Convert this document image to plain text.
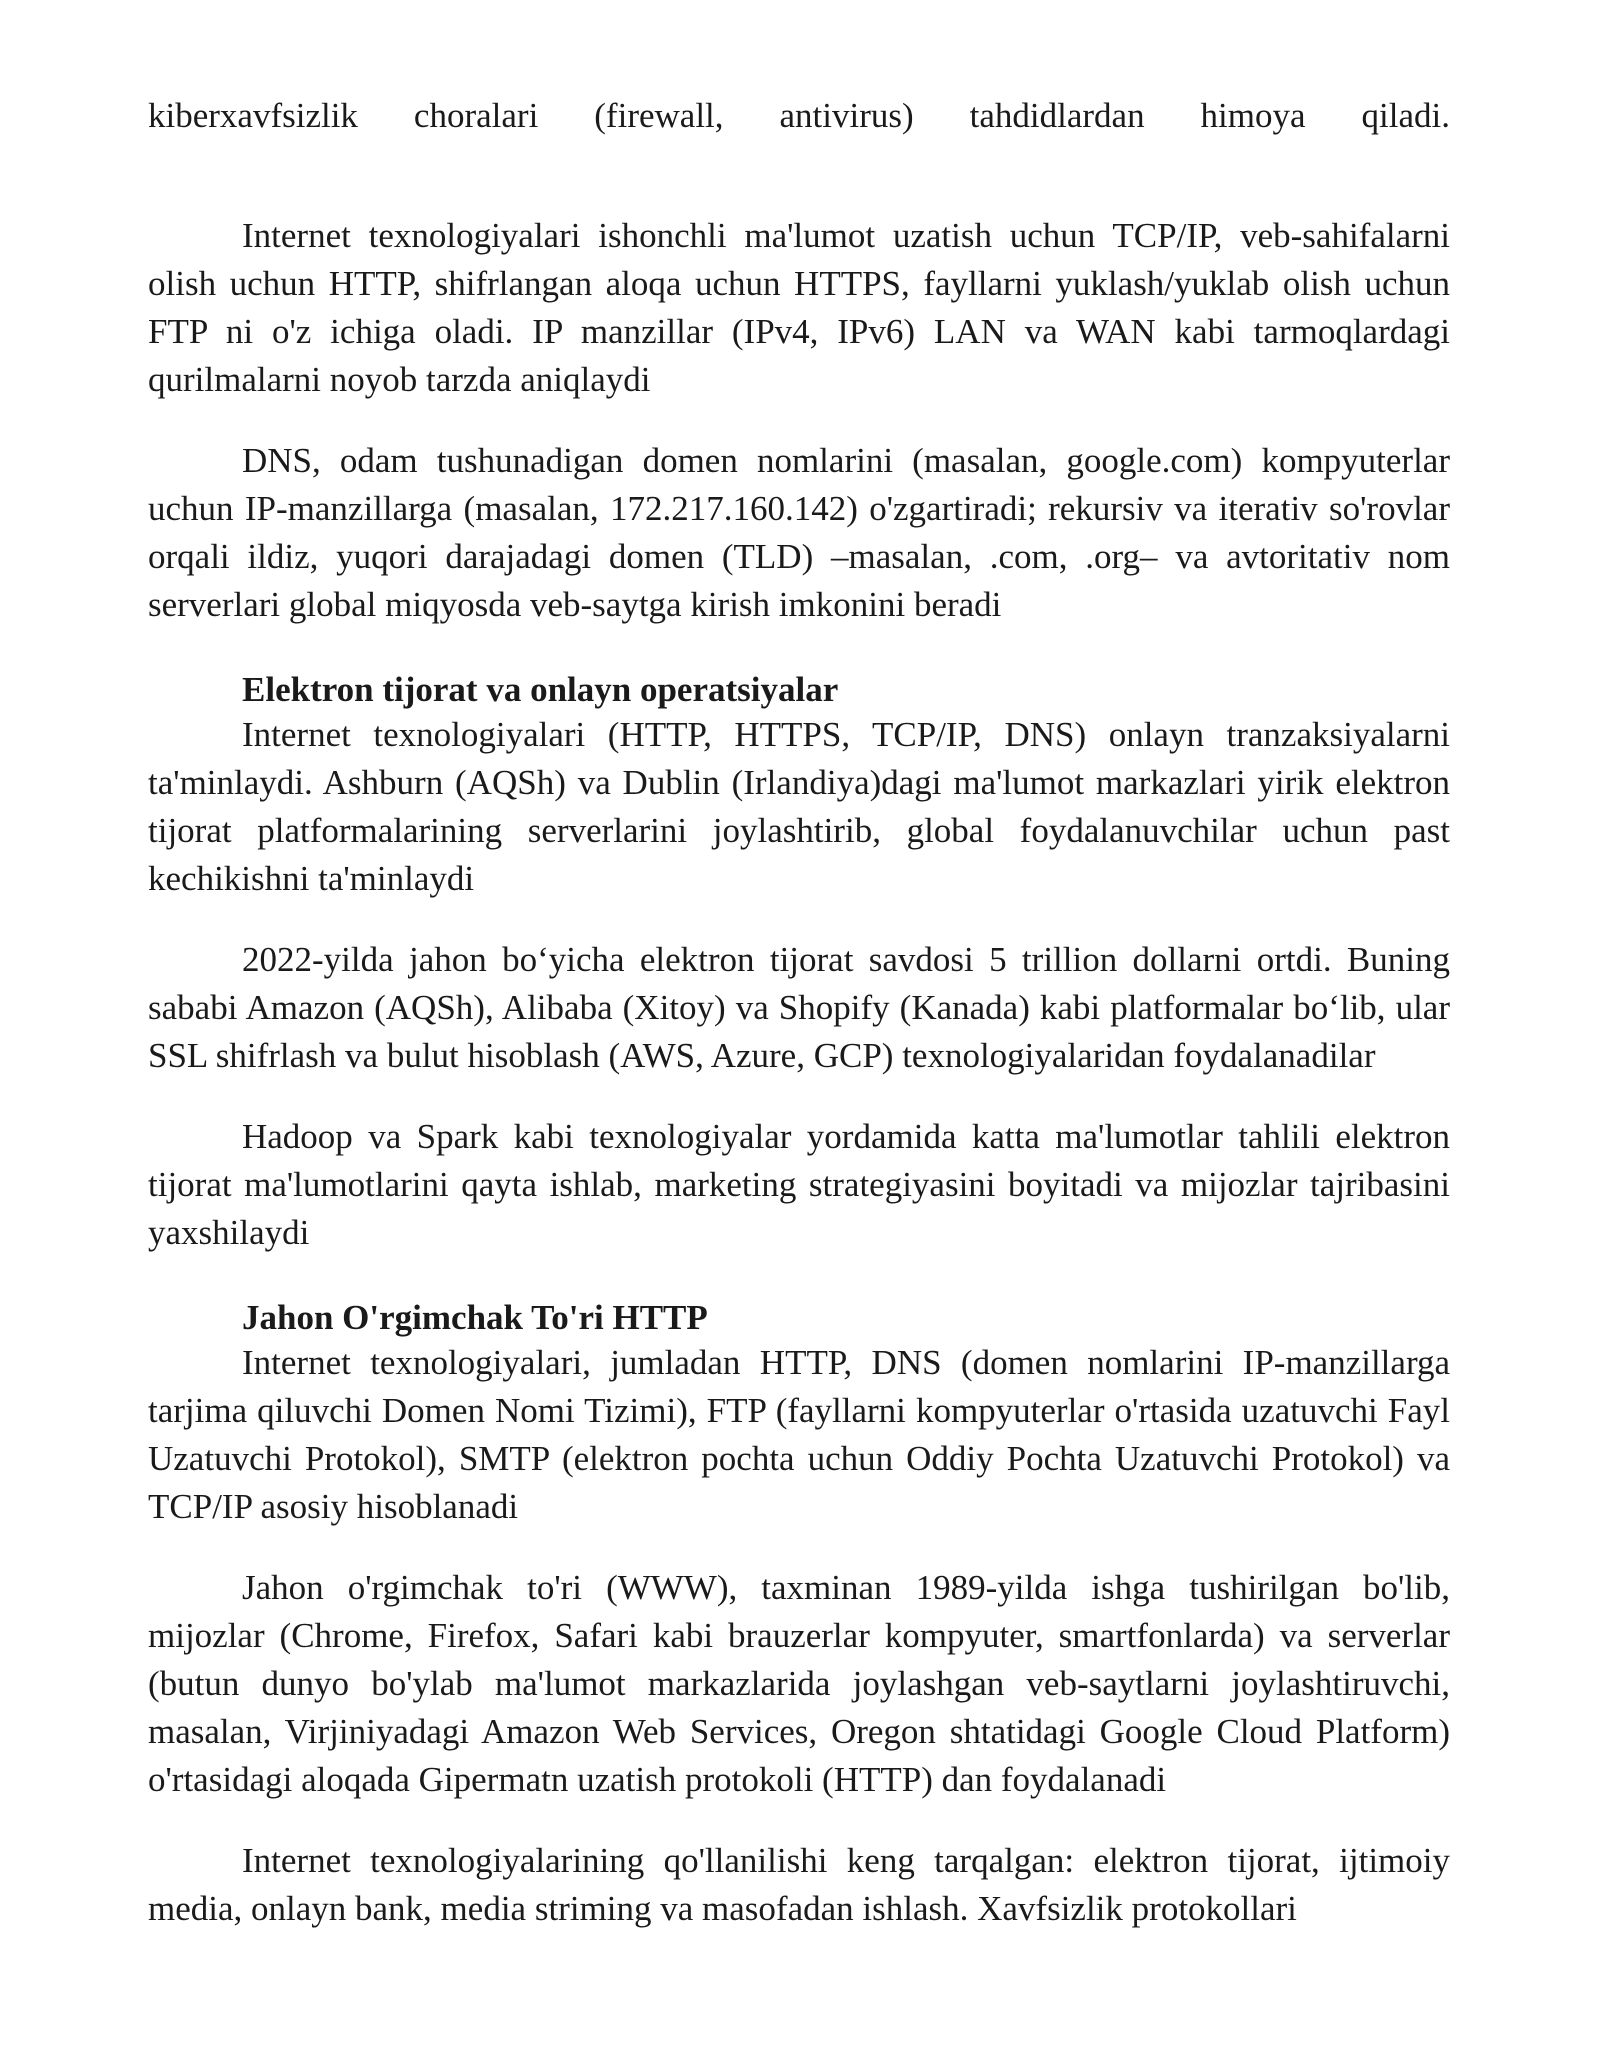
kiberxavfsizlik choralari (firewall, antivirus) tahdidlardan himoya qiladi.

Internet texnologiyalari ishonchli ma'lumot uzatish uchun TCP/IP, veb-sahifalarni olish uchun HTTP, shifrlangan aloqa uchun HTTPS, fayllarni yuklash/yuklab olish uchun FTP ni o'z ichiga oladi. IP manzillar (IPv4, IPv6) LAN va WAN kabi tarmoqlardagi qurilmalarni noyob tarzda aniqlaydi

DNS, odam tushunadigan domen nomlarini (masalan, google.com) kompyuterlar uchun IP-manzillarga (masalan, 172.217.160.142) o'zgartiradi; rekursiv va iterativ so'rovlar orqali ildiz, yuqori darajadagi domen (TLD) –masalan, .com, .org– va avtoritativ nom serverlari global miqyosda veb-saytga kirish imkonini beradi

Elektron tijorat va onlayn operatsiyalar

Internet texnologiyalari (HTTP, HTTPS, TCP/IP, DNS) onlayn tranzaksiyalarni ta'minlaydi. Ashburn (AQSh) va Dublin (Irlandiya)dagi ma'lumot markazlari yirik elektron tijorat platformalarining serverlarini joylashtirib, global foydalanuvchilar uchun past kechikishni ta'minlaydi

2022-yilda jahon bo‘yicha elektron tijorat savdosi 5 trillion dollarni ortdi. Buning sababi Amazon (AQSh), Alibaba (Xitoy) va Shopify (Kanada) kabi platformalar bo‘lib, ular SSL shifrlash va bulut hisoblash (AWS, Azure, GCP) texnologiyalaridan foydalanadilar

Hadoop va Spark kabi texnologiyalar yordamida katta ma'lumotlar tahlili elektron tijorat ma'lumotlarini qayta ishlab, marketing strategiyasini boyitadi va mijozlar tajribasini yaxshilaydi

Jahon O'rgimchak To'ri HTTP

Internet texnologiyalari, jumladan HTTP, DNS (domen nomlarini IP-manzillarga tarjima qiluvchi Domen Nomi Tizimi), FTP (fayllarni kompyuterlar o'rtasida uzatuvchi Fayl Uzatuvchi Protokol), SMTP (elektron pochta uchun Oddiy Pochta Uzatuvchi Protokol) va TCP/IP asosiy hisoblanadi

Jahon o'rgimchak to'ri (WWW), taxminan 1989-yilda ishga tushirilgan bo'lib, mijozlar (Chrome, Firefox, Safari kabi brauzerlar kompyuter, smartfonlarda) va serverlar (butun dunyo bo'ylab ma'lumot markazlarida joylashgan veb-saytlarni joylashtiruvchi, masalan, Virjiniyadagi Amazon Web Services, Oregon shtatidagi Google Cloud Platform) o'rtasidagi aloqada Gipermatn uzatish protokoli (HTTP) dan foydalanadi

Internet texnologiyalarining qo'llanilishi keng tarqalgan: elektron tijorat, ijtimoiy media, onlayn bank, media striming va masofadan ishlash. Xavfsizlik protokollari
